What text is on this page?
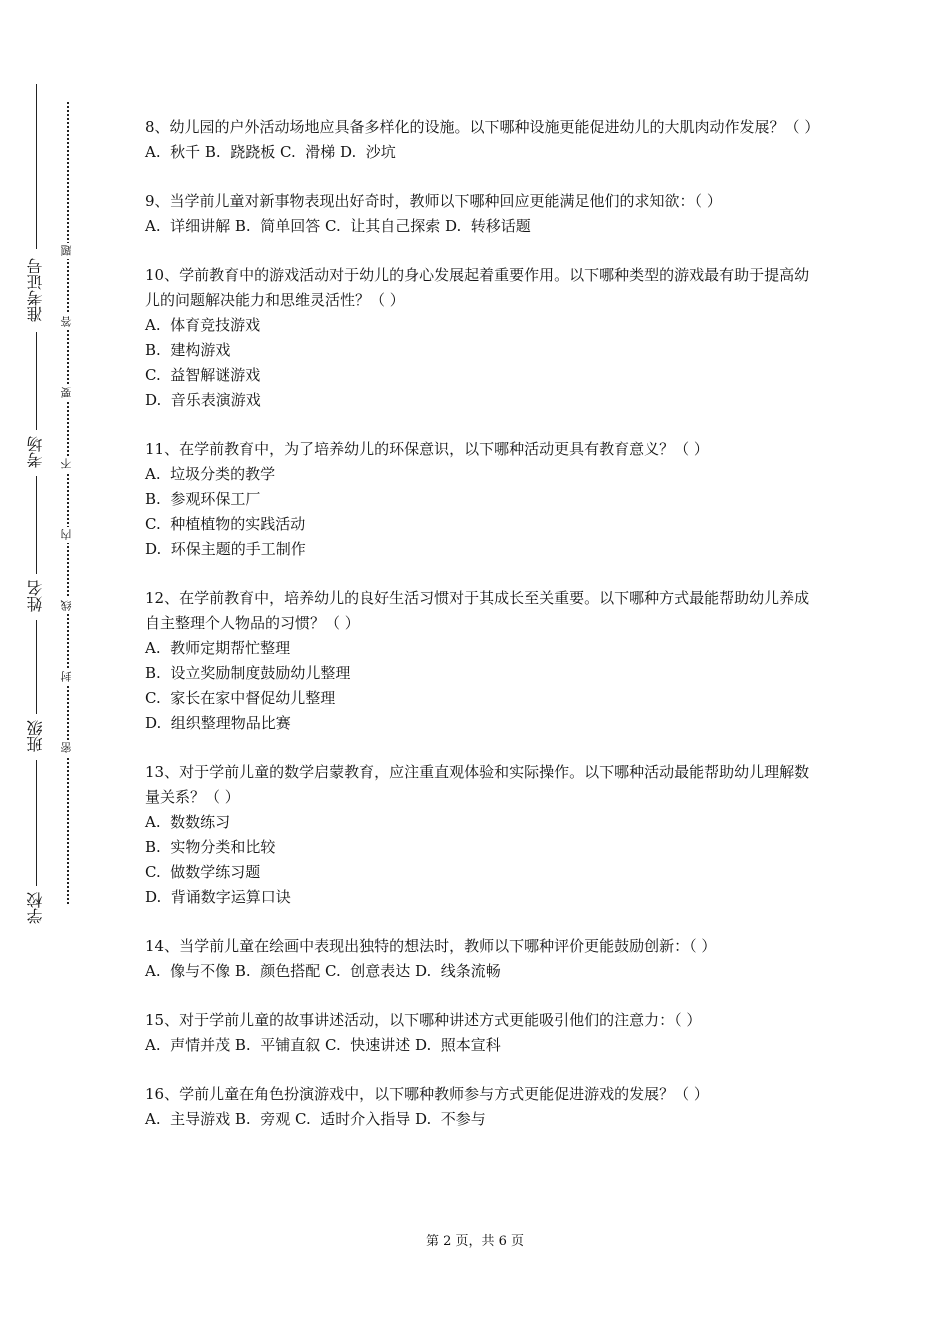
准考证号
考场
姓名
班级
学校
题
答
要
不
内
线
封
密

8、幼儿园的户外活动场地应具备多样化的设施。以下哪种设施更能促进幼儿的大肌肉动作发展？（ ）

A.  秋千 B.  跷跷板 C.  滑梯 D.  沙坑

9、当学前儿童对新事物表现出好奇时，教师以下哪种回应更能满足他们的求知欲：（ ）

A.  详细讲解 B.  简单回答 C.  让其自己探索 D.  转移话题

10、学前教育中的游戏活动对于幼儿的身心发展起着重要作用。以下哪种类型的游戏最有助于提高幼儿的问题解决能力和思维灵活性？（ ）

A.  体育竞技游戏

B.  建构游戏

C.  益智解谜游戏

D.  音乐表演游戏

11、在学前教育中，为了培养幼儿的环保意识，以下哪种活动更具有教育意义？（ ）

A.  垃圾分类的教学

B.  参观环保工厂

C.  种植植物的实践活动

D.  环保主题的手工制作

12、在学前教育中，培养幼儿的良好生活习惯对于其成长至关重要。以下哪种方式最能帮助幼儿养成自主整理个人物品的习惯？（ ）

A.  教师定期帮忙整理

B.  设立奖励制度鼓励幼儿整理

C.  家长在家中督促幼儿整理

D.  组织整理物品比赛

13、对于学前儿童的数学启蒙教育，应注重直观体验和实际操作。以下哪种活动最能帮助幼儿理解数量关系？（ ）

A.  数数练习

B.  实物分类和比较

C.  做数学练习题

D.  背诵数字运算口诀

14、当学前儿童在绘画中表现出独特的想法时，教师以下哪种评价更能鼓励创新：（ ）

A.  像与不像 B.  颜色搭配 C.  创意表达 D.  线条流畅

15、对于学前儿童的故事讲述活动，以下哪种讲述方式更能吸引他们的注意力：（ ）

A.  声情并茂 B.  平铺直叙 C.  快速讲述 D.  照本宣科

16、学前儿童在角色扮演游戏中，以下哪种教师参与方式更能促进游戏的发展？（ ）

A.  主导游戏 B.  旁观 C.  适时介入指导 D.  不参与

第 2 页，共 6 页
